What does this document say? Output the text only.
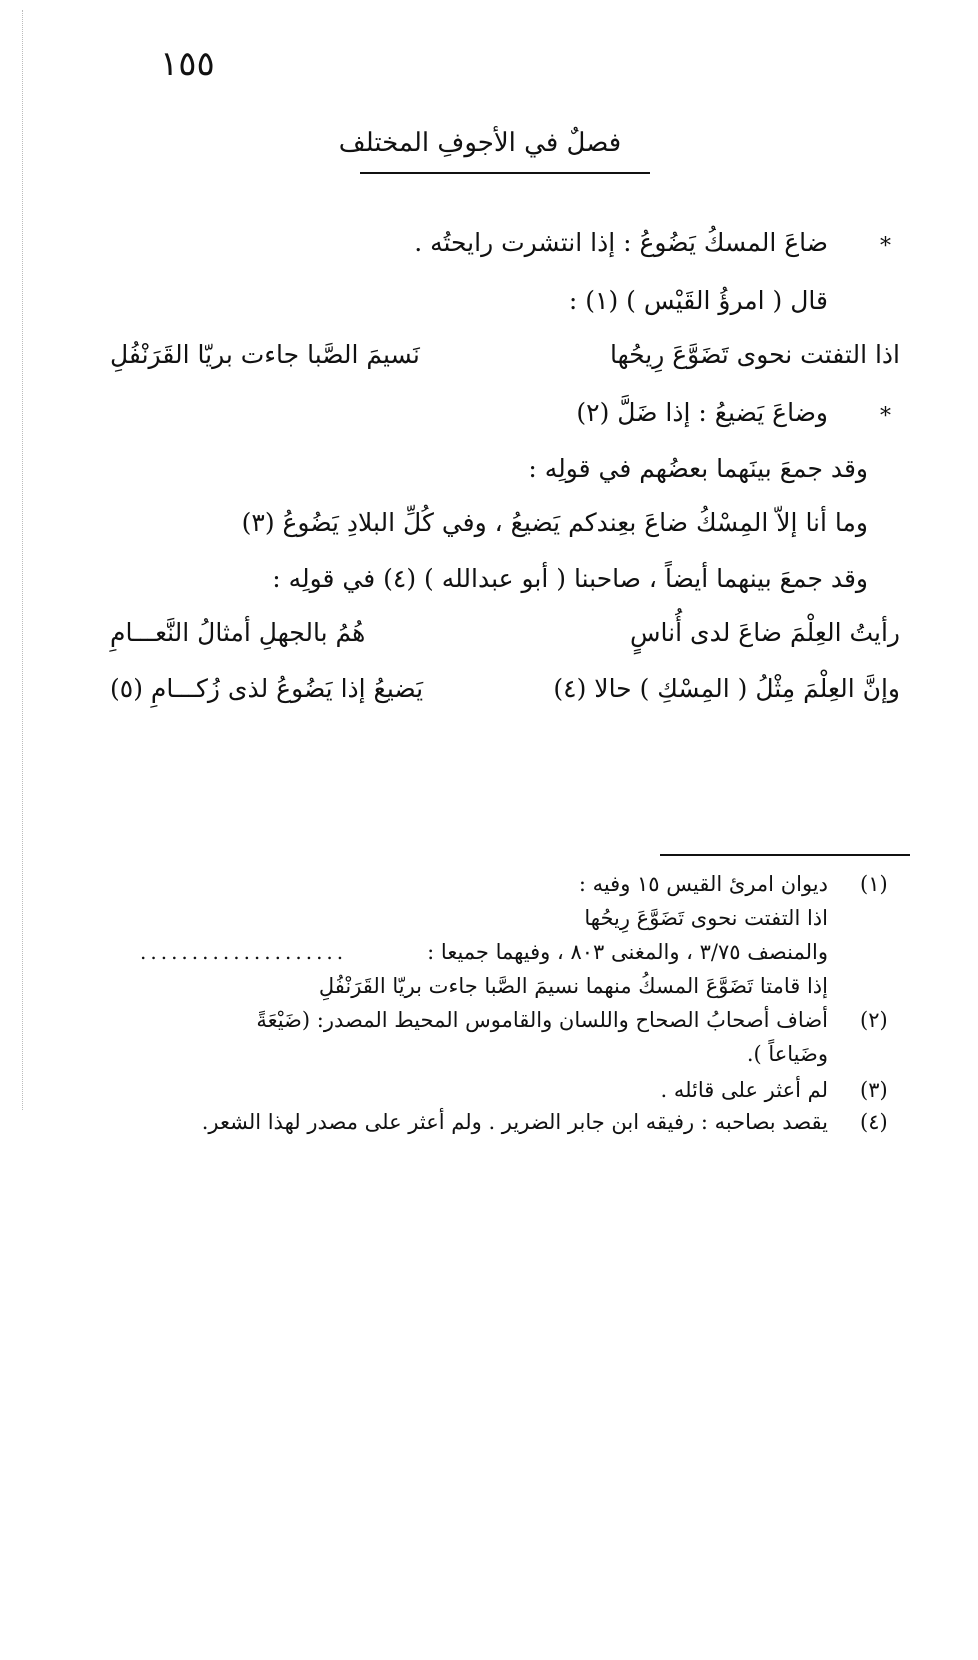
١٥٥
فصلٌ في الأجوفِ المختلف
*
ضاعَ المسكُ يَضُوعُ : إذا انتشرت رايحتُه .
قال ( امرؤُ القَيْس ) (١) :
اذا التفتت نحوى تَضَوَّعَ رِيحُها
نَسيمَ الصَّبا جاءت بريّا القَرَنْفُلِ
*
وضاعَ يَضيعُ : إذا ضَلَّ (٢)
وقد جمعَ بينَهما بعضُهم في قولِه :
وما أنا إلاّ المِسْكُ ضاعَ بعِندكم يَضيعُ ، وفي كُلِّ البلادِ يَضُوعُ (٣)
وقد جمعَ بينهما أيضاً ، صاحبنا ( أبو عبدالله ) (٤) في قولِه :
رأيتُ العِلْمَ ضاعَ لدى أُناسٍ
هُمُ بالجهلِ أمثالُ النَّعـــامِ
وإنَّ العِلْمَ مِثْلُ ( المِسْكِ ) حالا (٤)
يَضيعُ إذا يَضُوعُ لذى زُكـــامِ (٥)
(١)
ديوان امرئ القيس ١٥ وفيه :
اذا التفتت نحوى تَضَوَّعَ رِيحُها
....................	والمنصف ٣/٧٥ ، والمغنى ٨٠٣ ، وفيهما جميعا :
إذا قامتا تَضَوَّعَ المسكُ منهما نسيمَ الصَّبا جاءت بريّا القَرَنْفُلِ
(٢)
أضاف أصحابُ الصحاح واللسان والقاموس المحيط المصدر: (ضَيْعَةً
وضَياعاً ).
(٣)
لم أعثر على قائله .
(٤)
يقصد بصاحبه : رفيقه ابن جابر الضرير . ولم أعثر على مصدر لهذا الشعر.
